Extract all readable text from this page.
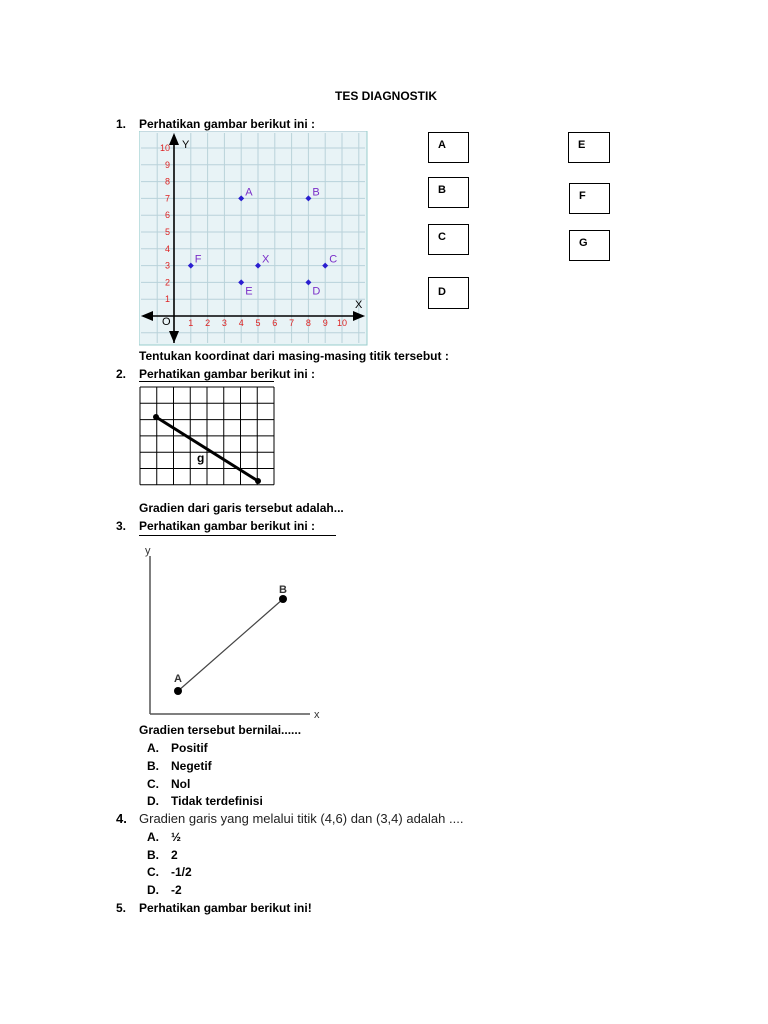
TES DIAGNOSTIK
1. Perhatikan gambar berikut ini :
X
Y
O 1 2 3 4 5 6 7 8 9 10
1
2
3
4
5
6
7
8
9
10
A	B
C
D
E
F	X
Tentukan koordinat dari masing-masing titik tersebut :
A
B
C
D
E
F
G
2. Perhatikan gambar berikut ini :
g
Gradien dari garis tersebut adalah...
3. Perhatikan gambar berikut ini :
y
x
A
B
Gradien tersebut bernilai......
A. Positif
B. Negetif
C. Nol
D. Tidak terdefinisi
4. Gradien garis yang melalui titik (4,6) dan (3,4) adalah ....
A. ½
B. 2
C. -1/2
D. -2
5. Perhatikan gambar berikut ini!
